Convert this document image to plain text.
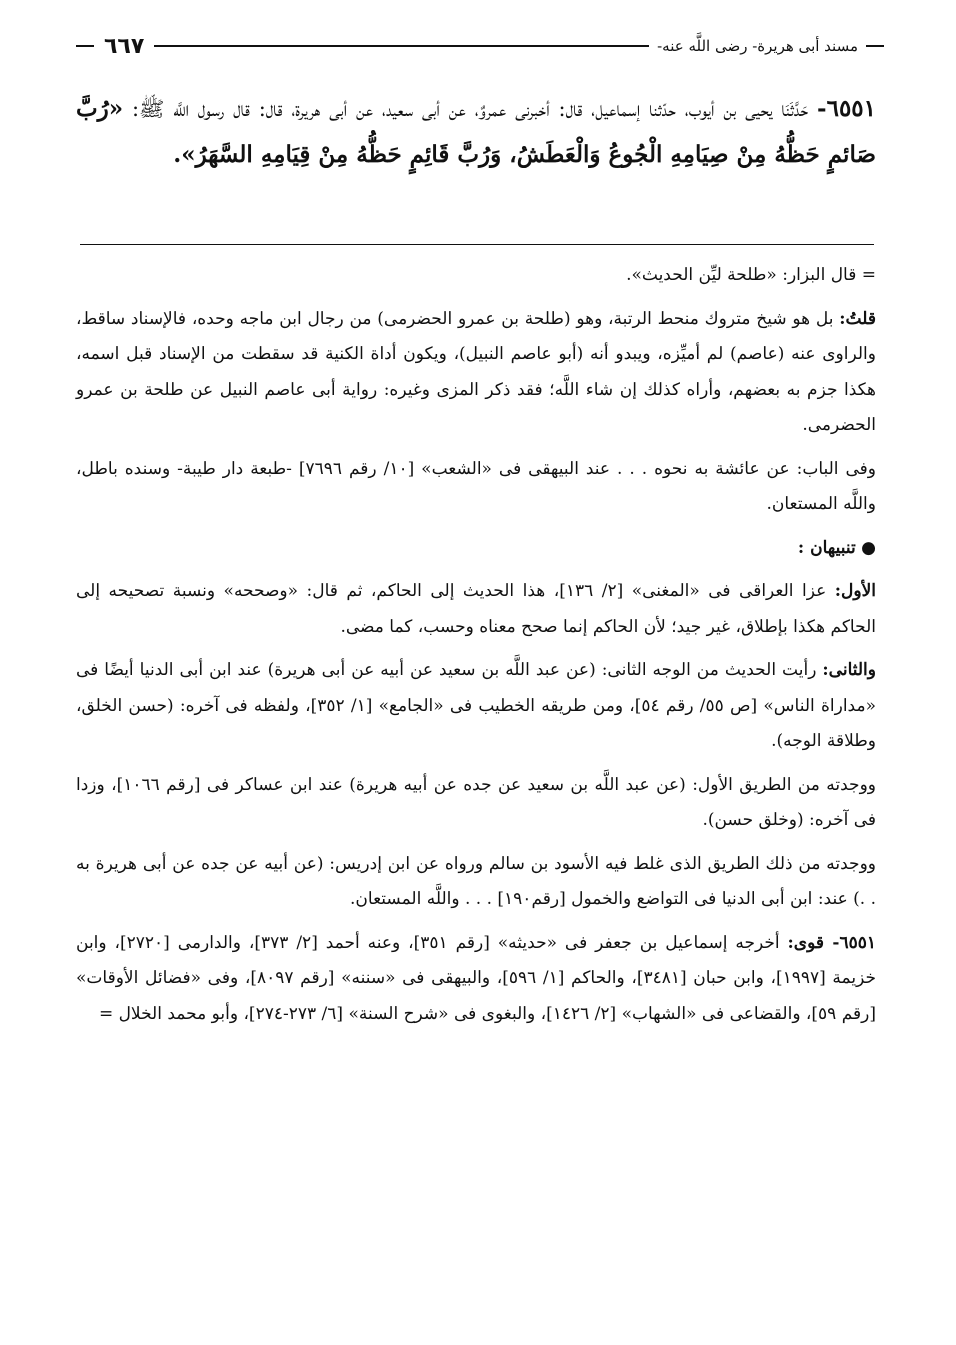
مسند أبى هريرة- رضى اللَّه عنه-
٦٦٧
٦٥٥١- حَدَّثَنَا يحيى بن أيوب، حدّثنا إسماعيل، قال: أخبرنى عمروٌ، عن أبى سعيد، عن أبى هريرة، قال: قال رسول اللَّه ﷺ: «رُبَّ صَائمٍ حَظُّهُ مِنْ صِيَامِهِ الْجُوعُ وَالْعَطَشُ، وَرُبَّ قَائِمٍ حَظُّهُ مِنْ قِيَامِهِ السَّهَرُ».

= قال البزار: «طلحة ليِّن الحديث».

قلتُ: بل هو شيخ متروك منحط الرتبة، وهو (طلحة بن عمرو الحضرمى) من رجال ابن ماجه وحده، فالإسناد ساقط، والراوى عنه (عاصم) لم أميِّزه، ويبدو أنه (أبو عاصم النبيل)، ويكون أداة الكنية قد سقطت من الإسناد قبل اسمه، هكذا جزم به بعضهم، وأراه كذلك إن شاء اللَّه؛ فقد ذكر المزى وغيره: رواية أبى عاصم النبيل عن طلحة بن عمرو الحضرمى.

وفى الباب: عن عائشة به نحوه . . . عند البيهقى فى «الشعب» [١٠/ رقم ٧٦٩٦] -طبعة دار طيبة- وسنده باطل، واللَّه المستعان.

● تنبيهان :

الأول: عزا العراقى فى «المغنى» [٢/ ١٣٦]، هذا الحديث إلى الحاكم، ثم قال: «وصححه» ونسبة تصحيحه إلى الحاكم هكذا بإطلاق، غير جيد؛ لأن الحاكم إنما صحح معناه وحسب، كما مضى.

والثانى: رأيت الحديث من الوجه الثانى: (عن عبد اللَّه بن سعيد عن أبيه عن أبى هريرة) عند ابن أبى الدنيا أيضًا فى «مداراة الناس» [ص ٥٥/ رقم ٥٤]، ومن طريقه الخطيب فى «الجامع» [١/ ٣٥٢]، ولفظه فى آخره: (حسن الخلق، وطلاقة الوجه).

ووجدته من الطريق الأول: (عن عبد اللَّه بن سعيد عن جده عن أبيه هريرة) عند ابن عساكر فى [رقم ١٠٦٦]، وزدا فى آخره: (وخلق حسن).

ووجدته من ذلك الطريق الذى غلط فيه الأسود بن سالم ورواه عن ابن إدريس: (عن أبيه عن جده عن أبى هريرة به . .) عند: ابن أبى الدنيا فى التواضع والخمول [رقم١٩٠] . . . واللَّه المستعان.

٦٥٥١- قوى: أخرجه إسماعيل بن جعفر فى «حديثه» [رقم ٣٥١]، وعنه أحمد [٢/ ٣٧٣]، والدارمى [٢٧٢٠]، وابن خزيمة [١٩٩٧]، وابن حبان [٣٤٨١]، والحاكم [١/ ٥٩٦]، والبيهقى فى «سننه» [رقم ٨٠٩٧]، وفى «فضائل الأوقات» [رقم ٥٩]، والقضاعى فى «الشهاب» [٢/ ١٤٢٦]، والبغوى فى «شرح السنة» [٦/ ٢٧٣-٢٧٤]، وأبو محمد الخلال =
